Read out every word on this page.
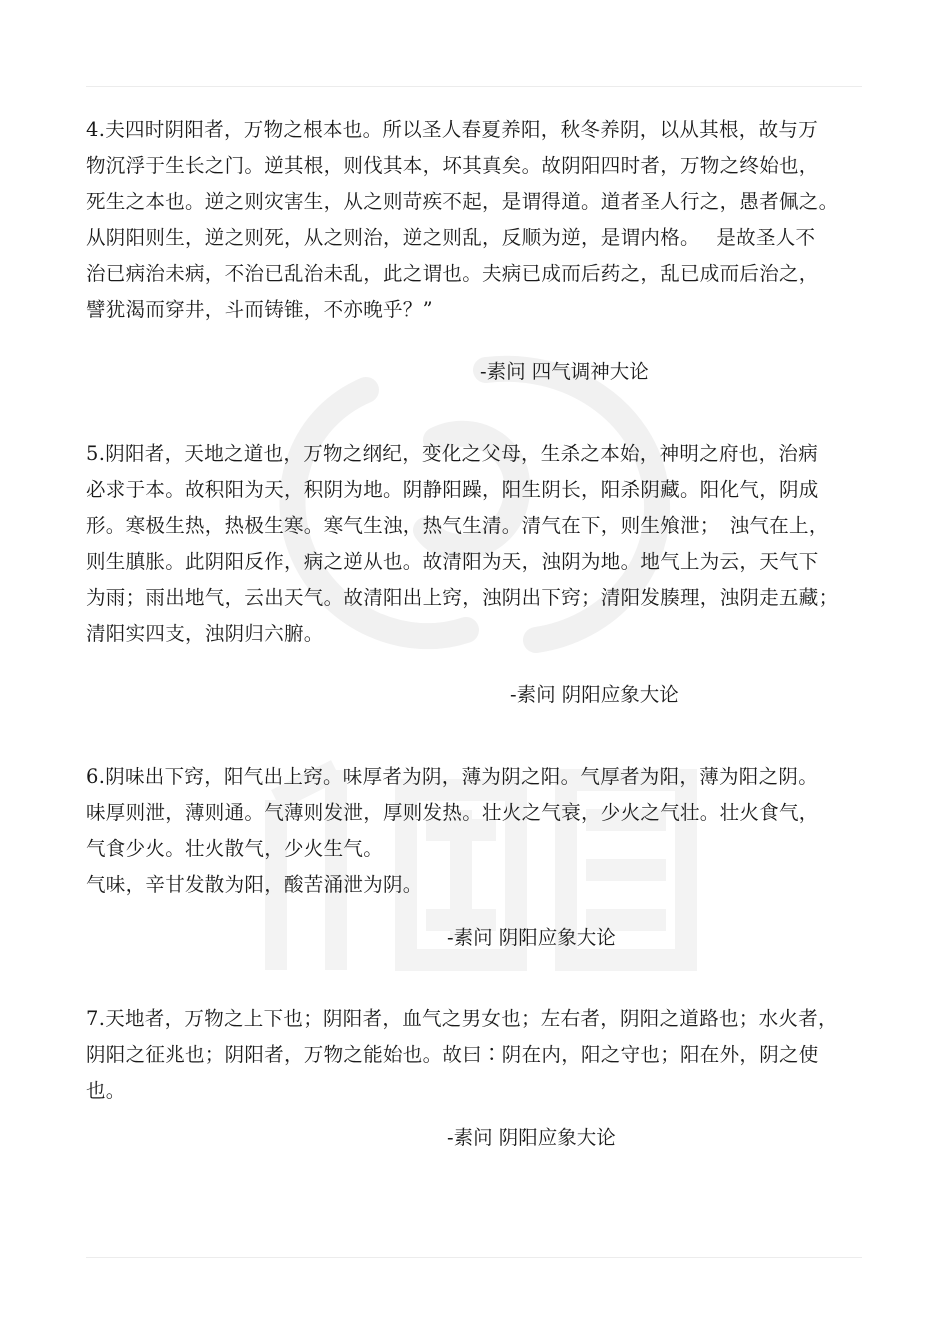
4.夫四时阴阳者，万物之根本也。所以圣人春夏养阳，秋冬养阴，以从其根，故与万
物沉浮于生长之门。逆其根，则伐其本，坏其真矣。故阴阳四时者，万物之终始也，
死生之本也。逆之则灾害生，从之则苛疾不起，是谓得道。道者圣人行之，愚者佩之。
从阴阳则生，逆之则死，从之则治，逆之则乱，反顺为逆，是谓内格。　 是故圣人不
治已病治未病，不治已乱治未乱，此之谓也。夫病已成而后药之，乱已成而后治之，
譬犹渴而穿井，斗而铸锥，不亦晚乎？”
-素问 四气调神大论
5.阴阳者，天地之道也，万物之纲纪，变化之父母，生杀之本始，神明之府也，治病
必求于本。故积阳为天，积阴为地。阴静阳躁，阳生阴长，阳杀阴藏。阳化气，阴成
形。寒极生热，热极生寒。寒气生浊，热气生清。清气在下，则生飧泄；　浊气在上，
则生䐜胀。此阴阳反作，病之逆从也。故清阳为天，浊阴为地。地气上为云，天气下
为雨；雨出地气，云出天气。故清阳出上窍，浊阴出下窍；清阳发腠理，浊阴走五藏；
清阳实四支，浊阴归六腑。
-素问 阴阳应象大论
6.阴味出下窍，阳气出上窍。味厚者为阴，薄为阴之阳。气厚者为阳，薄为阳之阴。
味厚则泄，薄则通。气薄则发泄，厚则发热。壮火之气衰，少火之气壮。壮火食气，
气食少火。壮火散气，少火生气。
气味，辛甘发散为阳，酸苦涌泄为阴。
-素问 阴阳应象大论
7.天地者，万物之上下也；阴阳者，血气之男女也；左右者，阴阳之道路也；水火者，
阴阳之征兆也；阴阳者，万物之能始也。故曰∶阴在内，阳之守也；阳在外，阴之使
也。
-素问 阴阳应象大论
